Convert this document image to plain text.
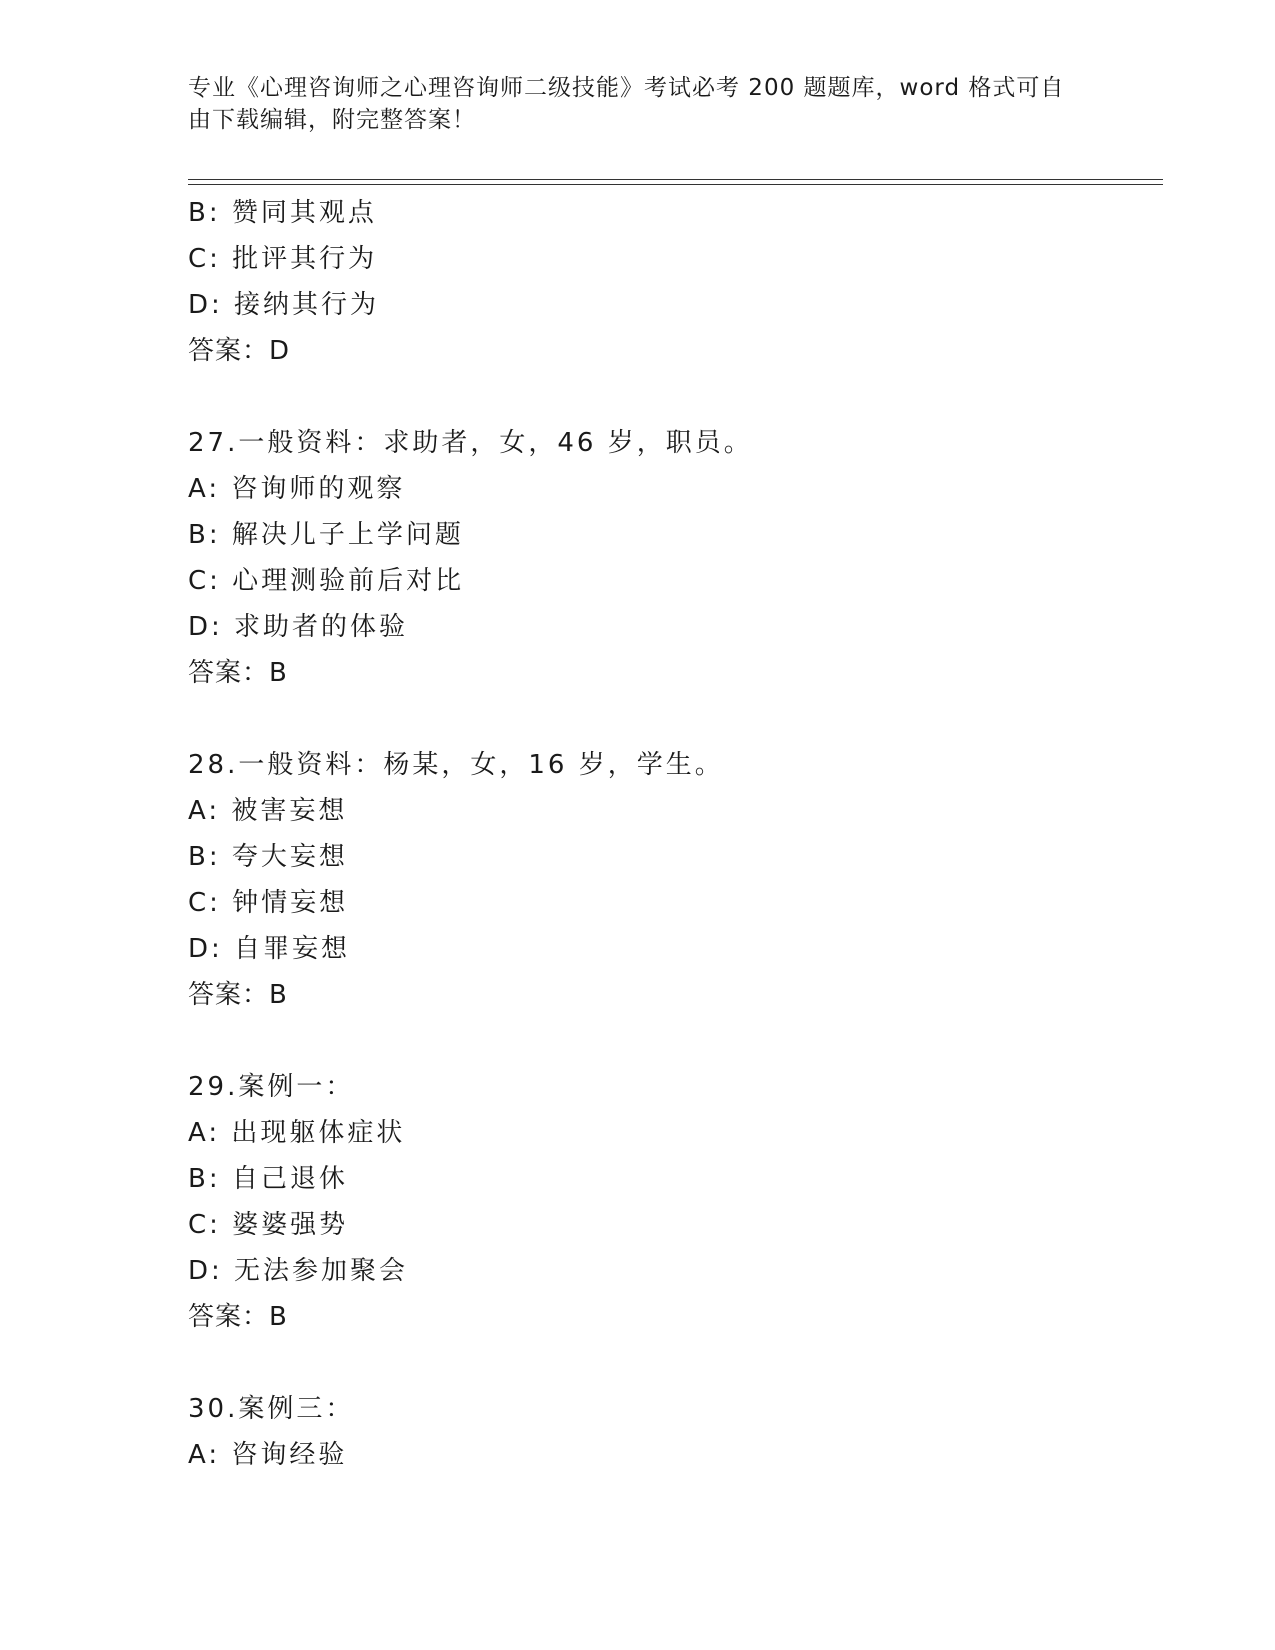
专业《心理咨询师之心理咨询师二级技能》考试必考 200 题题库，word 格式可自
由下载编辑，附完整答案！
B: 赞同其观点
C: 批评其行为
D: 接纳其行为
答案：D
27.一般资料：求助者，女，46 岁，职员。
A: 咨询师的观察
B: 解决儿子上学问题
C: 心理测验前后对比
D: 求助者的体验
答案：B
28.一般资料：杨某，女，16 岁，学生。
A: 被害妄想
B: 夸大妄想
C: 钟情妄想
D: 自罪妄想
答案：B
29.案例一：
A: 出现躯体症状
B: 自己退休
C: 婆婆强势
D: 无法参加聚会
答案：B
30.案例三：
A: 咨询经验
